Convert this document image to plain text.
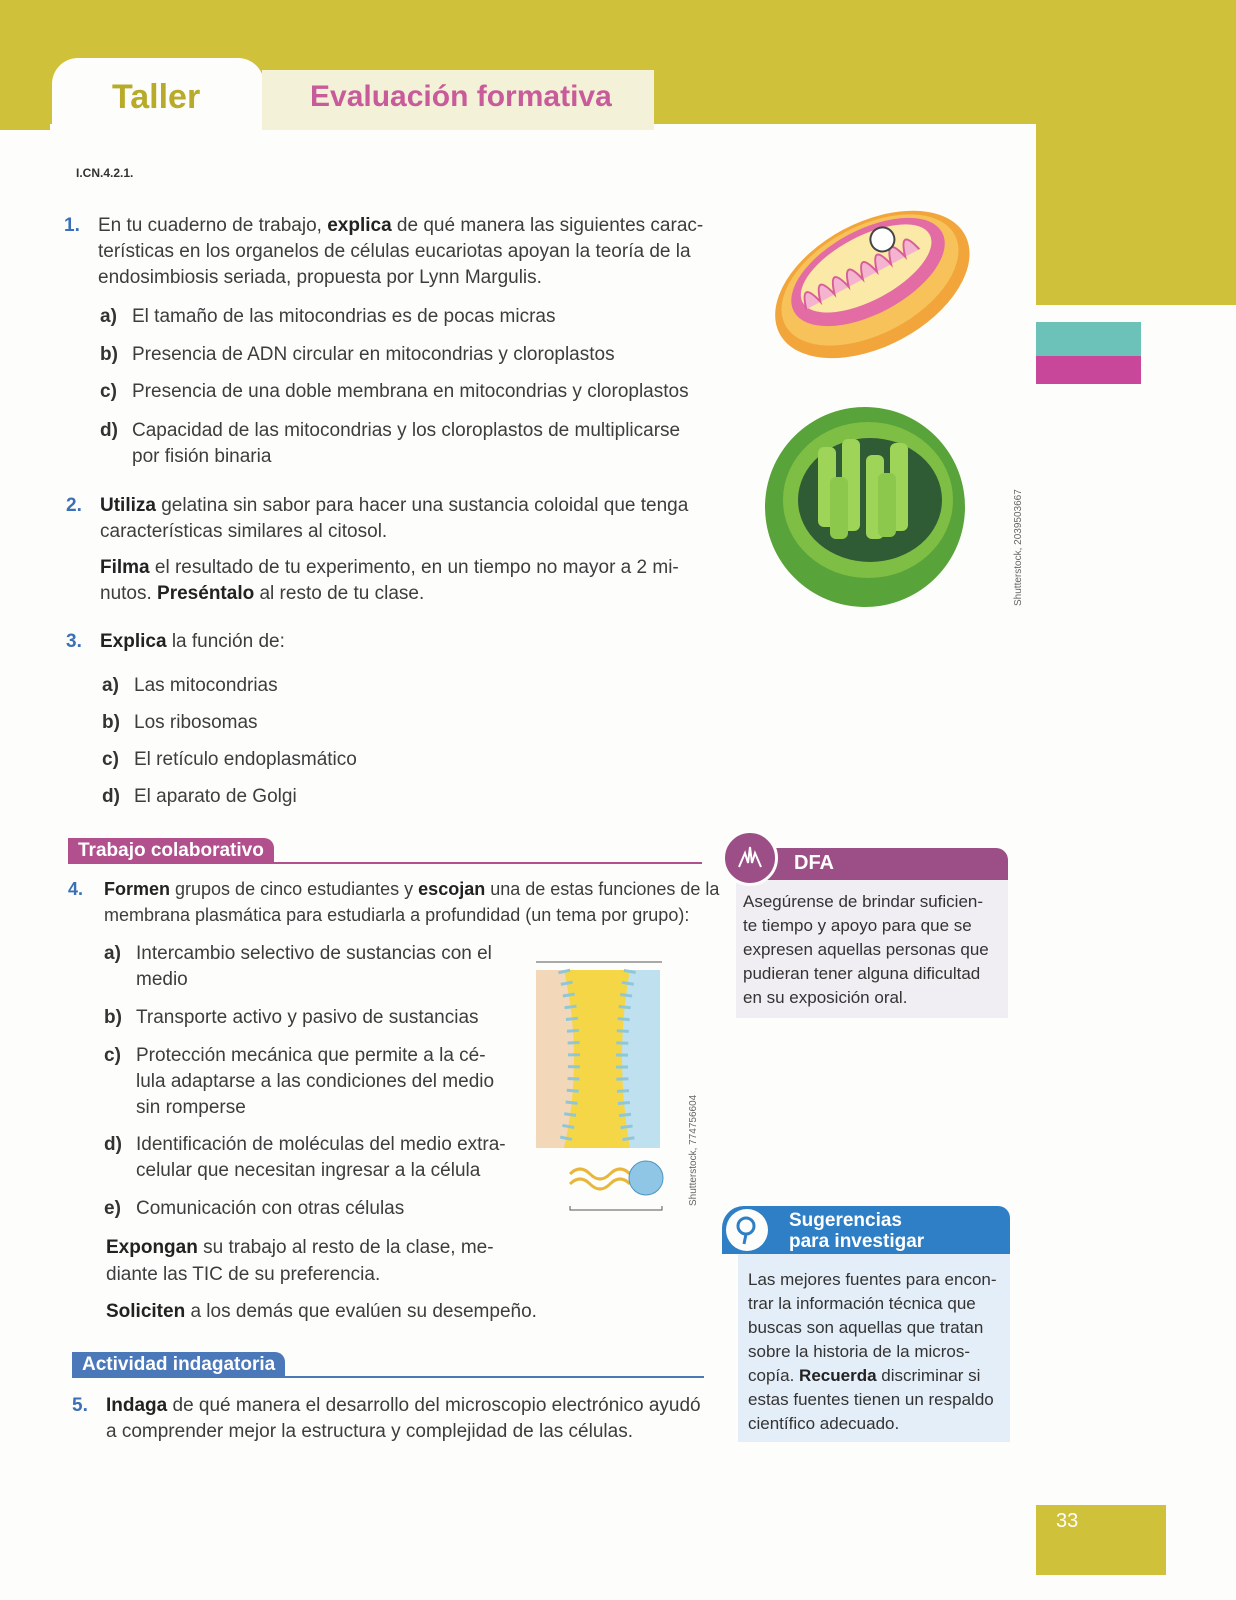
Taller	Evaluación formativa
I.CN.4.2.1.
1. En tu cuaderno de trabajo, explica de qué manera las siguientes carac-
terísticas en los organelos de células eucariotas apoyan la teoría de la
endosimbiosis seriada, propuesta por Lynn Margulis.
a) El tamaño de las mitocondrias es de pocas micras
b) Presencia de ADN circular en mitocondrias y cloroplastos
c) Presencia de una doble membrana en mitocondrias y cloroplastos
d) Capacidad de las mitocondrias y los cloroplastos de multiplicarse
por fisión binaria
2. Utiliza gelatina sin sabor para hacer una sustancia coloidal que tenga
características similares al citosol.
Filma el resultado de tu experimento, en un tiempo no mayor a 2 mi-
nutos. Preséntalo al resto de tu clase.
3. Explica la función de:
a) Las mitocondrias
b) Los ribosomas
c) El retículo endoplasmático
d) El aparato de Golgi
Trabajo colaborativo
4. Formen grupos de cinco estudiantes y escojan una de estas funciones de la
membrana plasmática para estudiarla a profundidad (un tema por grupo):
a) Intercambio selectivo de sustancias con el
medio
b) Transporte activo y pasivo de sustancias
c) Protección mecánica que permite a la cé-
lula adaptarse a las condiciones del medio
sin romperse
d) Identificación de moléculas del medio extra-
celular que necesitan ingresar a la célula
e) Comunicación con otras células
Expongan su trabajo al resto de la clase, me-
diante las TIC de su preferencia.
Soliciten a los demás que evalúen su desempeño.
Actividad indagatoria
5. Indaga de qué manera el desarrollo del microscopio electrónico ayudó
a comprender mejor la estructura y complejidad de las células.
Shutterstock, 2039503667
Shutterstock, 774756604
DFA
Asegúrense de brindar suficien-
te tiempo y apoyo para que se
expresen aquellas personas que
pudieran tener alguna dificultad
en su exposición oral.
Sugerencias
para investigar
Las mejores fuentes para encon-
trar la información técnica que
buscas son aquellas que tratan
sobre la historia de la micros-
copía. Recuerda discriminar si
estas fuentes tienen un respaldo
científico adecuado.
33
